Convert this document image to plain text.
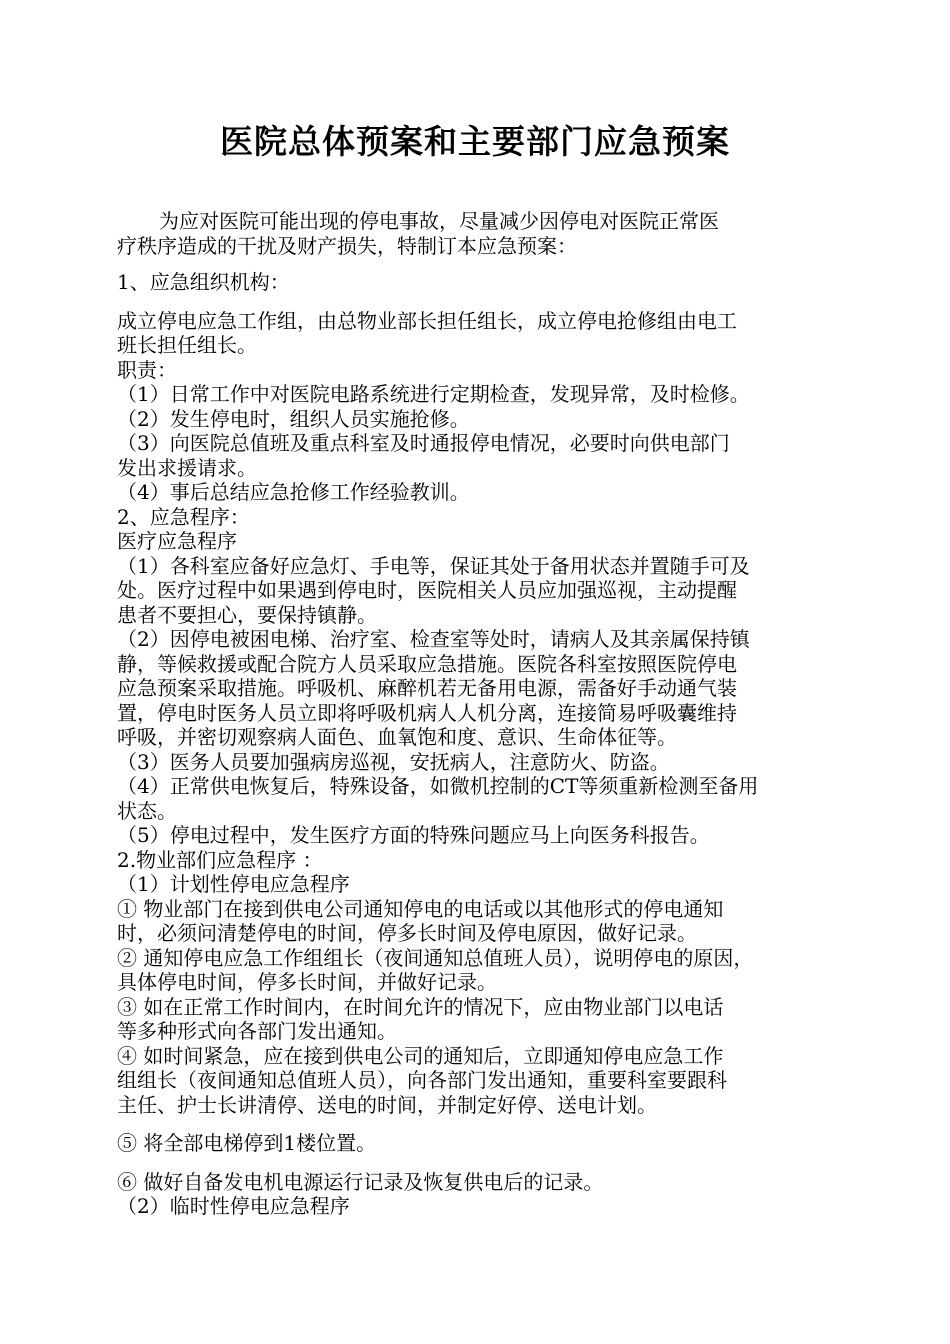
医院总体预案和主要部门应急预案

为应对医院可能出现的停电事故，尽量减少因停电对医院正常医

疗秩序造成的干扰及财产损失，特制订本应急预案：

1、应急组织机构：

成立停电应急工作组，由总物业部长担任组长，成立停电抢修组由电工

班长担任组长。

职责：

（1）日常工作中对医院电路系统进行定期检查，发现异常，及时检修。

（2）发生停电时，组织人员实施抢修。

（3）向医院总值班及重点科室及时通报停电情况，必要时向供电部门

发出求援请求。

（4）事后总结应急抢修工作经验教训。

2、应急程序：

医疗应急程序

（1）各科室应备好应急灯、手电等，保证其处于备用状态并置随手可及

处。医疗过程中如果遇到停电时，医院相关人员应加强巡视，主动提醒

患者不要担心，要保持镇静。

（2）因停电被困电梯、治疗室、检查室等处时，请病人及其亲属保持镇

静，等候救援或配合院方人员采取应急措施。医院各科室按照医院停电

应急预案采取措施。呼吸机、麻醉机若无备用电源，需备好手动通气装

置，停电时医务人员立即将呼吸机病人人机分离，连接简易呼吸囊维持

呼吸，并密切观察病人面色、血氧饱和度、意识、生命体征等。

（3）医务人员要加强病房巡视，安抚病人，注意防火、防盗。

（4）正常供电恢复后，特殊设备，如微机控制的CT等须重新检测至备用

状态。

（5）停电过程中，发生医疗方面的特殊问题应马上向医务科报告。

2.物业部们应急程序 ：

（1）计划性停电应急程序

① 物业部门在接到供电公司通知停电的电话或以其他形式的停电通知

时，必须问清楚停电的时间，停多长时间及停电原因，做好记录。

② 通知停电应急工作组组长（夜间通知总值班人员），说明停电的原因，

具体停电时间，停多长时间，并做好记录。

③ 如在正常工作时间内，在时间允许的情况下，应由物业部门以电话

等多种形式向各部门发出通知。

④ 如时间紧急，应在接到供电公司的通知后，立即通知停电应急工作

组组长（夜间通知总值班人员），向各部门发出通知，重要科室要跟科

主任、护士长讲清停、送电的时间，并制定好停、送电计划。

⑤ 将全部电梯停到1楼位置。

⑥ 做好自备发电机电源运行记录及恢复供电后的记录。

（2）临时性停电应急程序
